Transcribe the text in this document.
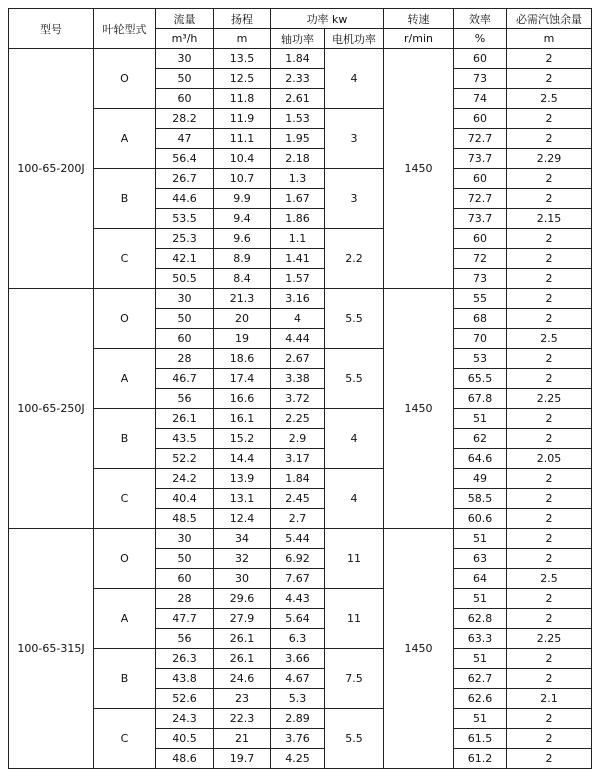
型号	叶轮型式	流量	扬程	功率 kw		转速	效率	必需汽蚀余量
		m³/h	m	轴功率	电机功率	r/min	%	m
100-65-200J	O	30	13.5	1.84	4	1450	60	2
		50	12.5	2.33			73	2
		60	11.8	2.61			74	2.5
	A	28.2	11.9	1.53	3		60	2
		47	11.1	1.95			72.7	2
		56.4	10.4	2.18			73.7	2.29
	B	26.7	10.7	1.3	3		60	2
		44.6	9.9	1.67			72.7	2
		53.5	9.4	1.86			73.7	2.15
	C	25.3	9.6	1.1	2.2		60	2
		42.1	8.9	1.41			72	2
		50.5	8.4	1.57			73	2
100-65-250J	O	30	21.3	3.16	5.5	1450	55	2
		50	20	4			68	2
		60	19	4.44			70	2.5
	A	28	18.6	2.67	5.5		53	2
		46.7	17.4	3.38			65.5	2
		56	16.6	3.72			67.8	2.25
	B	26.1	16.1	2.25	4		51	2
		43.5	15.2	2.9			62	2
		52.2	14.4	3.17			64.6	2.05
	C	24.2	13.9	1.84	4		49	2
		40.4	13.1	2.45			58.5	2
		48.5	12.4	2.7			60.6	2
100-65-315J	O	30	34	5.44	11	1450	51	2
		50	32	6.92			63	2
		60	30	7.67			64	2.5
	A	28	29.6	4.43	11		51	2
		47.7	27.9	5.64			62.8	2
		56	26.1	6.3			63.3	2.25
	B	26.3	26.1	3.66	7.5		51	2
		43.8	24.6	4.67			62.7	2
		52.6	23	5.3			62.6	2.1
	C	24.3	22.3	2.89	5.5		51	2
		40.5	21	3.76			61.5	2
		48.6	19.7	4.25			61.2	2
